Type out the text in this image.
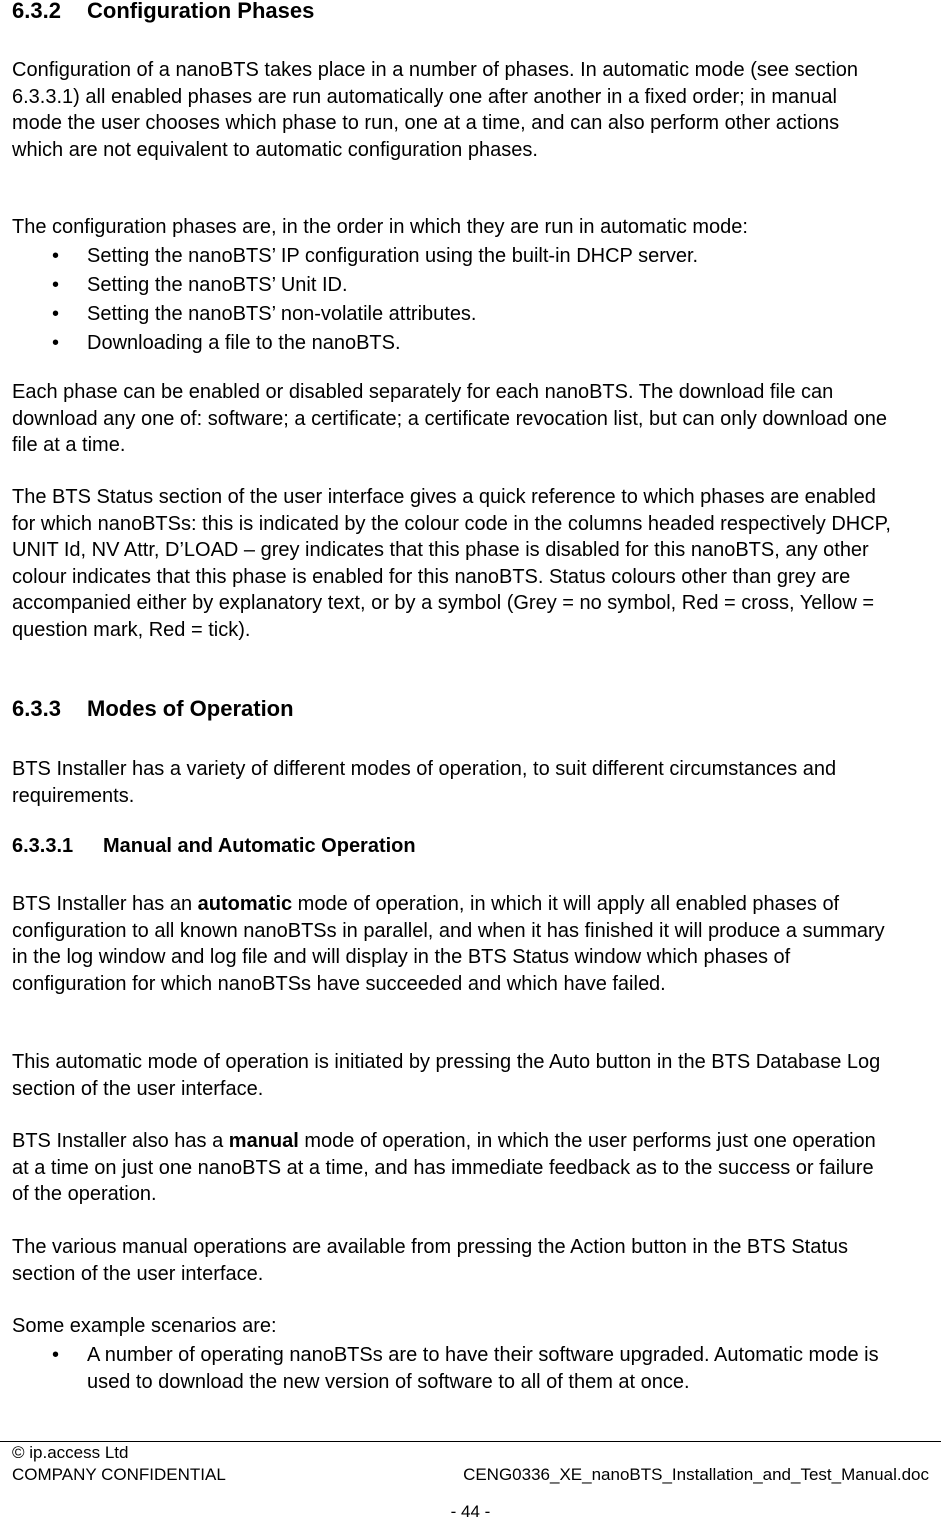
6.3.2 Configuration Phases

Configuration of a nanoBTS takes place in a number of phases. In automatic mode (see section 6.3.3.1) all enabled phases are run automatically one after another in a fixed order; in manual mode the user chooses which phase to run, one at a time, and can also perform other actions which are not equivalent to automatic configuration phases.

The configuration phases are, in the order in which they are run in automatic mode:

• Setting the nanoBTS’ IP configuration using the built-in DHCP server.
• Setting the nanoBTS’ Unit ID.
• Setting the nanoBTS’ non-volatile attributes.
• Downloading a file to the nanoBTS.

Each phase can be enabled or disabled separately for each nanoBTS. The download file can download any one of: software; a certificate; a certificate revocation list, but can only download one file at a time.

The BTS Status section of the user interface gives a quick reference to which phases are enabled for which nanoBTSs: this is indicated by the colour code in the columns headed respectively DHCP, UNIT Id, NV Attr, D’LOAD – grey indicates that this phase is disabled for this nanoBTS, any other colour indicates that this phase is enabled for this nanoBTS. Status colours other than grey are accompanied either by explanatory text, or by a symbol (Grey = no symbol, Red = cross, Yellow = question mark, Red = tick).

6.3.3 Modes of Operation

BTS Installer has a variety of different modes of operation, to suit different circumstances and requirements.

6.3.3.1 Manual and Automatic Operation

BTS Installer has an automatic mode of operation, in which it will apply all enabled phases of configuration to all known nanoBTSs in parallel, and when it has finished it will produce a summary in the log window and log file and will display in the BTS Status window which phases of configuration for which nanoBTSs have succeeded and which have failed.

This automatic mode of operation is initiated by pressing the Auto button in the BTS Database Log section of the user interface.

BTS Installer also has a manual mode of operation, in which the user performs just one operation at a time on just one nanoBTS at a time, and has immediate feedback as to the success or failure of the operation.

The various manual operations are available from pressing the Action button in the BTS Status section of the user interface.

Some example scenarios are:

• A number of operating nanoBTSs are to have their software upgraded. Automatic mode is used to download the new version of software to all of them at once.
© ip.access Ltd
COMPANY CONFIDENTIAL	CENG0336_XE_nanoBTS_Installation_and_Test_Manual.doc
- 44 -
